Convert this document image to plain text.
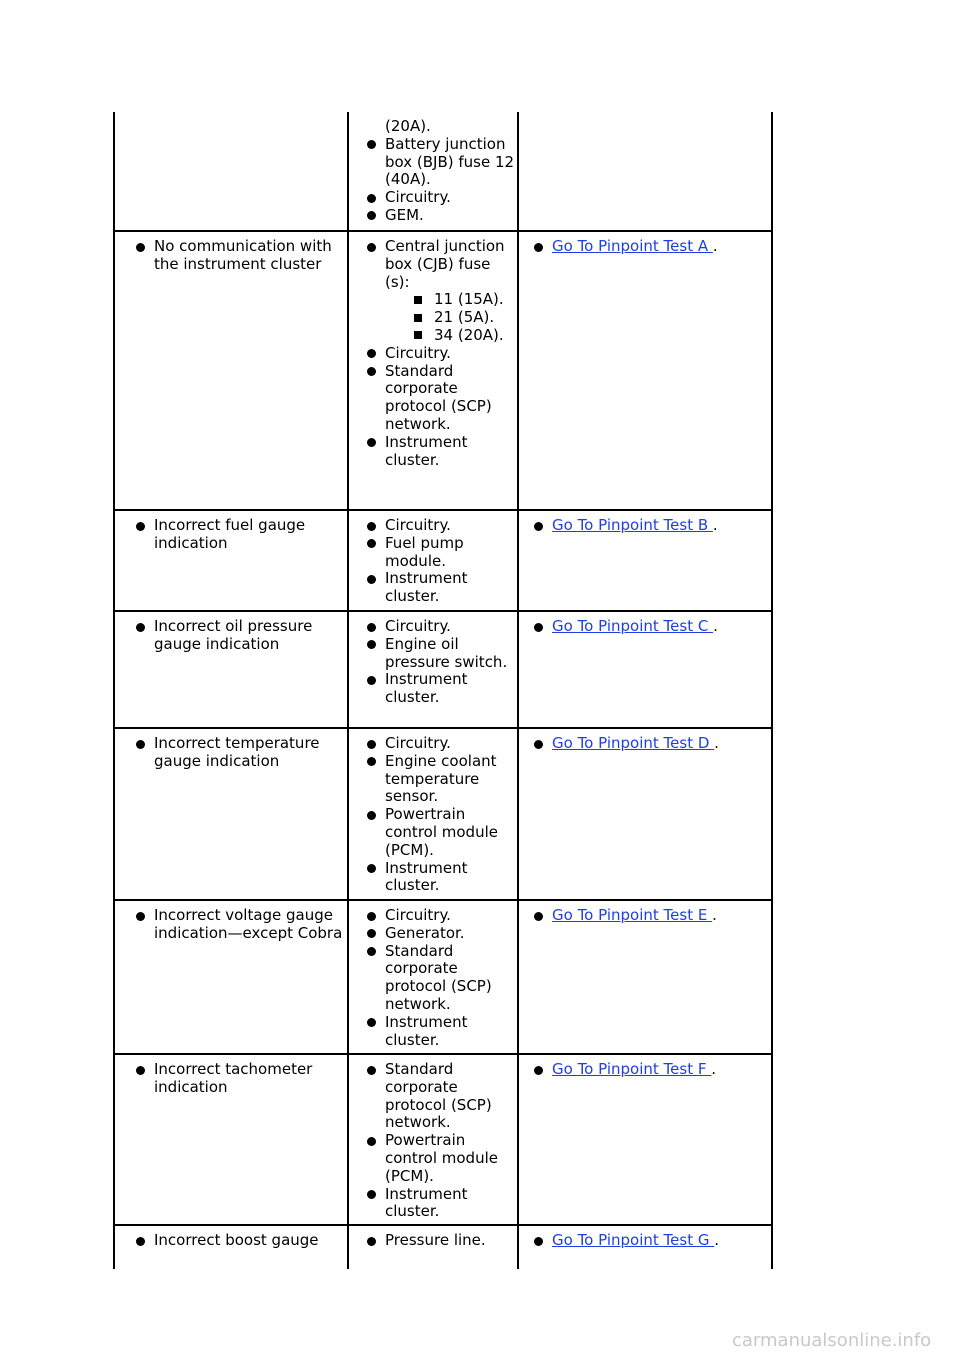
(20A).
Battery junction box (BJB) fuse 12 (40A).
Circuitry.
GEM.
No communication with the instrument cluster
Central junction box (CJB) fuse (s):
11 (15A).
21 (5A).
34 (20A).
Circuitry.
Standard corporate protocol (SCP) network.
Instrument cluster.
Go To Pinpoint Test A .
Incorrect fuel gauge indication
Circuitry.
Fuel pump module.
Instrument cluster.
Go To Pinpoint Test B .
Incorrect oil pressure gauge indication
Circuitry.
Engine oil pressure switch.
Instrument cluster.
Go To Pinpoint Test C .
Incorrect temperature gauge indication
Circuitry.
Engine coolant temperature sensor.
Powertrain control module (PCM).
Instrument cluster.
Go To Pinpoint Test D .
Incorrect voltage gauge indication—except Cobra
Circuitry.
Generator.
Standard corporate protocol (SCP) network.
Instrument cluster.
Go To Pinpoint Test E .
Incorrect tachometer indication
Standard corporate protocol (SCP) network.
Powertrain control module (PCM).
Instrument cluster.
Go To Pinpoint Test F .
Incorrect boost gauge	Pressure line.	Go To Pinpoint Test G .
carmanualsonline.info
